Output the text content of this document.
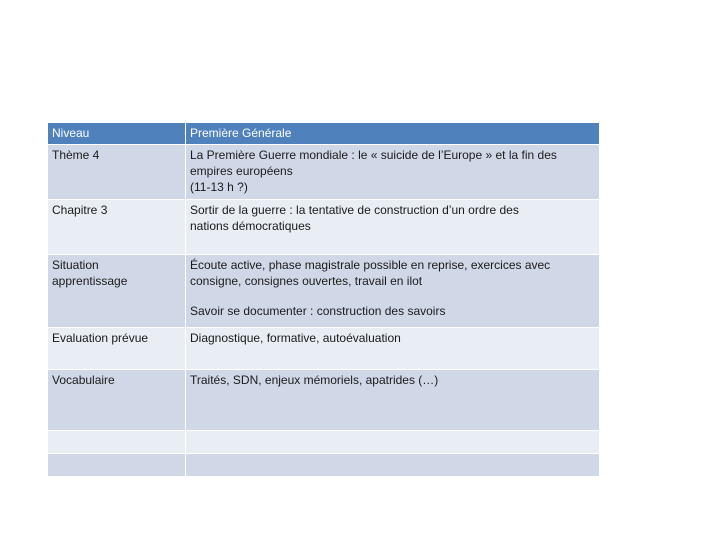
Niveau	Première Générale
Thème 4	La Première Guerre mondiale : le « suicide de l’Europe » et la fin des
empires européens
(11-13 h ?)

Chapitre 3	Sortir de la guerre : la tentative de construction d’un ordre des
nations démocratiques

Situation
apprentissage	Écoute active, phase magistrale possible en reprise, exercices avec
consigne, consignes ouvertes, travail en ilot
Savoir se documenter : construction des savoirs

Evaluation prévue	Diagnostique, formative, autoévaluation
Vocabulaire	Traités, SDN, enjeux mémoriels, apatrides (…)
